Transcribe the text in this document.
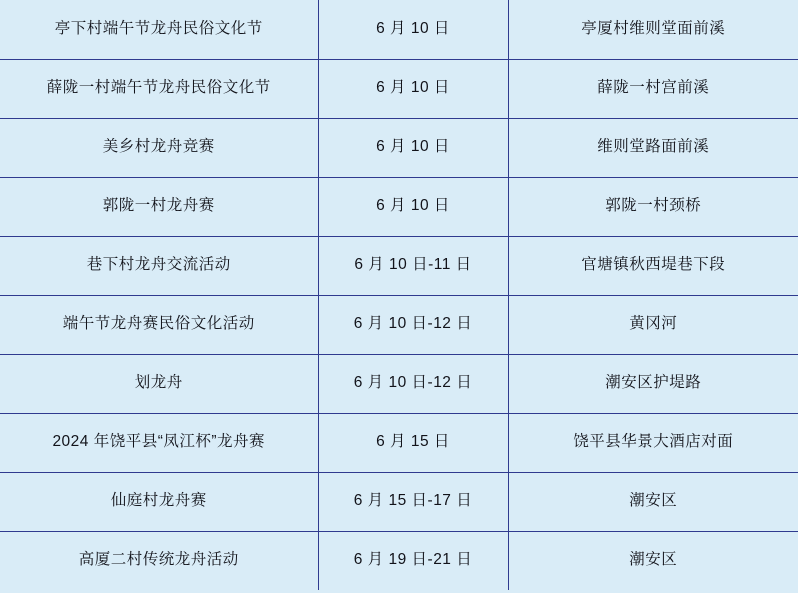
亭下村端午节龙舟民俗文化节	6 月 10 日	亭厦村维则堂面前溪
薛陇一村端午节龙舟民俗文化节	6 月 10 日	薛陇一村宫前溪
美乡村龙舟竞赛	6 月 10 日	维则堂路面前溪
郭陇一村龙舟赛	6 月 10 日	郭陇一村颈桥
巷下村龙舟交流活动	6 月 10 日-11 日	官塘镇秋西堤巷下段
端午节龙舟赛民俗文化活动	6 月 10 日-12 日	黄冈河
划龙舟	6 月 10 日-12 日	潮安区护堤路
2024 年饶平县“凤江杯”龙舟赛	6 月 15 日	饶平县华景大酒店对面
仙庭村龙舟赛	6 月 15 日-17 日	潮安区
高厦二村传统龙舟活动	6 月 19 日-21 日	潮安区
